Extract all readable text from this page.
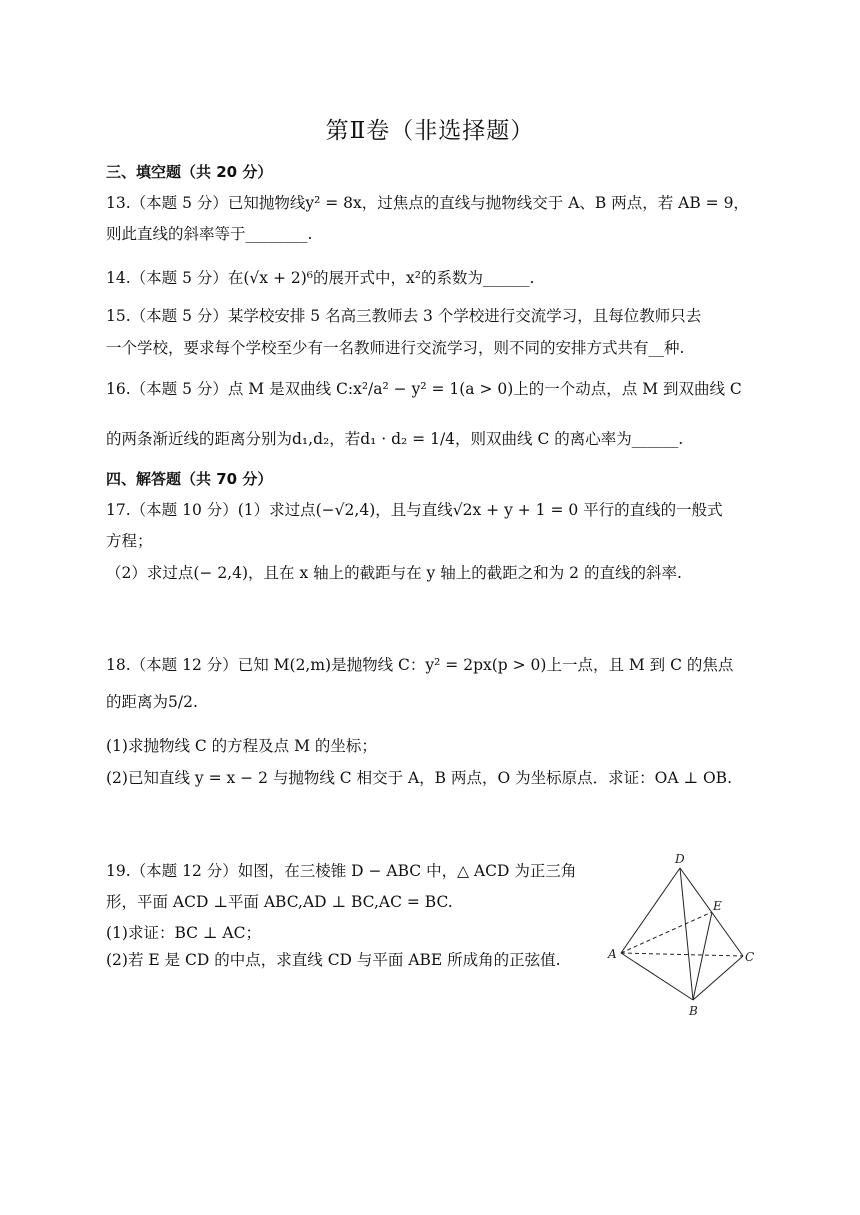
第Ⅱ卷（非选择题）
三、填空题（共 20 分）
13.（本题 5 分）已知抛物线y² = 8x，过焦点的直线与抛物线交于 A、B 两点，若 AB = 9，
则此直线的斜率等于________.
14.（本题 5 分）在(√x + 2)⁶的展开式中，x²的系数为______.
15.（本题 5 分）某学校安排 5 名高三教师去 3 个学校进行交流学习，且每位教师只去
一个学校，要求每个学校至少有一名教师进行交流学习，则不同的安排方式共有__种.
16.（本题 5 分）点 M 是双曲线 C:x²/a² − y² = 1(a > 0)上的一个动点，点 M 到双曲线 C
的两条渐近线的距离分别为d₁,d₂，若d₁ · d₂ = 1/4，则双曲线 C 的离心率为______.
四、解答题（共 70 分）
17.（本题 10 分）(1）求过点(−√2,4)，且与直线√2x + y + 1 = 0 平行的直线的一般式
方程；
（2）求过点(− 2,4)，且在 x 轴上的截距与在 y 轴上的截距之和为 2 的直线的斜率.
18.（本题 12 分）已知 M(2,m)是抛物线 C：y² = 2px(p > 0)上一点，且 M 到 C 的焦点
的距离为5/2.
(1)求抛物线 C 的方程及点 M 的坐标；
(2)已知直线 y = x − 2 与抛物线 C 相交于 A，B 两点，O 为坐标原点．求证：OA ⊥ OB.
19.（本题 12 分）如图，在三棱锥 D − ABC 中，△ ACD 为正三角
形，平面 ACD ⊥平面 ABC,AD ⊥ BC,AC = BC.
(1)求证：BC ⊥ AC；
(2)若 E 是 CD 的中点，求直线 CD 与平面 ABE 所成角的正弦值.
D
E
A	C
B
